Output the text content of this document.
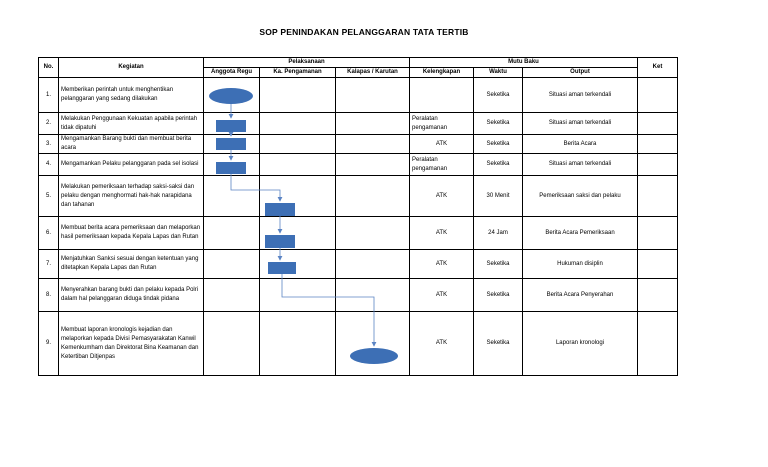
SOP PENINDAKAN PELANGGARAN TATA TERTIB
No.	Kegiatan	Pelaksanaan			Mutu Baku			Ket
		Anggota Regu	Ka. Pengamanan	Kalapas / Karutan	Kelengkapan	Waktu	Output	
1.	Memberikan perintah untuk menghentikan pelanggaran yang sedang dilakukan					Seketika	Situasi aman terkendali	
2.	Melakukan Penggunaan Kekuatan apabila perintah tidak dipatuhi				Peralatan pengamanan	Seketika	Situasi aman terkendali	
3.	Mengamankan Barang bukti dan membuat berita acara				ATK	Seketika	Berita Acara	
4.	Mengamankan Pelaku pelanggaran pada sel isolasi				Peralatan pengamanan	Seketika	Situasi aman terkendali	
5.	Melakukan pemeriksaan terhadap saksi-saksi dan pelaku dengan menghormati hak-hak narapidana dan tahanan				ATK	30 Menit	Pemeriksaan saksi dan pelaku	
6.	Membuat berita acara pemeriksaan dan melaporkan hasil pemeriksaan kepada Kepala Lapas dan Rutan				ATK	24 Jam	Berita Acara Pemeriksaan	
7.	Menjatuhkan Sanksi sesuai dengan ketentuan yang ditetapkan Kepala Lapas dan Rutan				ATK	Seketika	Hukuman disiplin	
8.	Menyerahkan barang bukti dan pelaku kepada Polri dalam hal pelanggaran diduga tindak pidana				ATK	Seketika	Berita Acara Penyerahan	
9.	Membuat laporan kronologis kejadian dan melaporkan kepada Divisi Pemasyarakatan Kanwil Kemenkumham dan Direktorat Bina Keamanan dan Ketertiban Ditjenpas				ATK	Seketika	Laporan kronologi	
